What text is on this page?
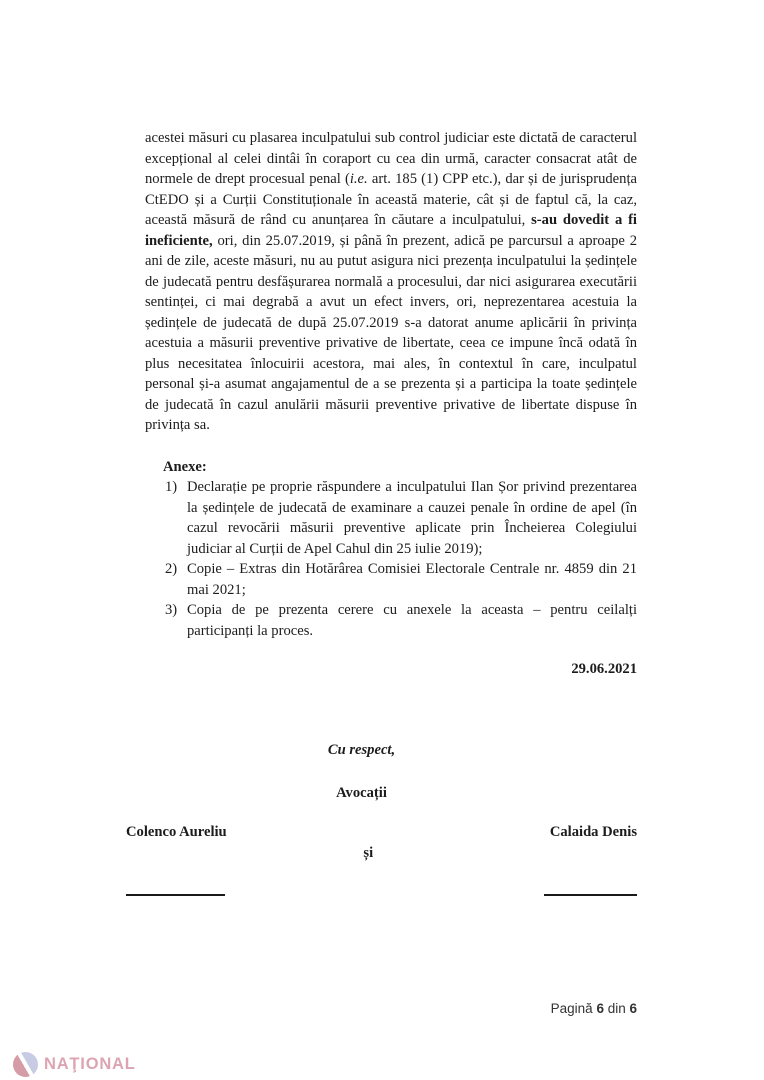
acestei măsuri cu plasarea inculpatului sub control judiciar este dictată de caracterul excepțional al celei dintâi în coraport cu cea din urmă, caracter consacrat atât de normele de drept procesual penal (i.e. art. 185 (1) CPP etc.), dar și de jurisprudența CtEDO și a Curții Constituționale în această materie, cât și de faptul că, la caz, această măsură de rând cu anunțarea în căutare a inculpatului, s-au dovedit a fi ineficiente, ori, din 25.07.2019, și până în prezent, adică pe parcursul a aproape 2 ani de zile, aceste măsuri, nu au putut asigura nici prezența inculpatului la ședințele de judecată pentru desfășurarea normală a procesului, dar nici asigurarea executării sentinței, ci mai degrabă a avut un efect invers, ori, neprezentarea acestuia la ședințele de judecată de după 25.07.2019 s-a datorat anume aplicării în privința acestuia a măsurii preventive privative de libertate, ceea ce impune încă odată în plus necesitatea înlocuirii acestora, mai ales, în contextul în care, inculpatul personal și-a asumat angajamentul de a se prezenta și a participa la toate ședințele de judecată în cazul anulării măsurii preventive privative de libertate dispuse în privința sa.

Anexe:
1) Declarație pe proprie răspundere a inculpatului Ilan Șor privind prezentarea la ședințele de judecată de examinare a cauzei penale în ordine de apel (în cazul revocării măsurii preventive aplicate prin Încheierea Colegiului judiciar al Curții de Apel Cahul din 25 iulie 2019);
2) Copie – Extras din Hotărârea Comisiei Electorale Centrale nr. 4859 din 21 mai 2021;
3) Copia de pe prezenta cerere cu anexele la aceasta – pentru ceilalți participanți la proces.
29.06.2021
Cu respect,
Avocații
Colenco Aureliu
și
Calaida Denis
Pagină 6 din 6
NAŢIONAL
